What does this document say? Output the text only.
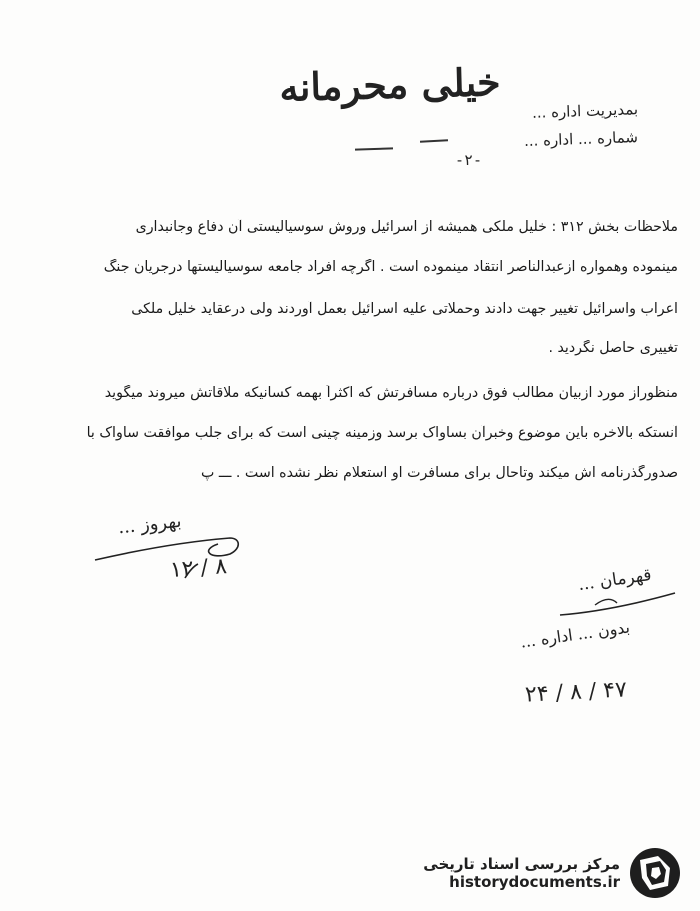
خیلی محرمانه
بمدیریت اداره ...
شماره ... اداره ...
-۲-
ملاحظات بخش ۳۱۲ : خلیل ملکی همیشه از اسرائیل وروش سوسیالیستی آن دفاع وجانبداری
مینموده وهمواره ازعبدالناصر انتقاد مینموده است . اگرچه افراد جامعه سوسیالیستها درجریان جنگ
اعراب واسرائیل تغییر جهت دادند وحملاتی علیه اسرائیل بعمل آوردند ولی درعقاید خلیل ملکی
تغییری حاصل نگردید .
منظوراز مورد ازبیان مطالب فوق درباره مسافرتش که اکثراً بهمه کسانیکه ملاقاتش میروند میگوید
آنستکه بالاخره باین موضوع وخبرآن بساواک برسد وزمینه چینی است که برای جلب موافقت ساواک با
صدورگذرنامه اش میکند وتاحال برای مسافرت او استعلام نظر نشده است . ـــ پ
بهروز ...
۱۲ / ۸	قهرمان ...
بدون ... اداره ...
۲۴ / ۸ / ۴۷
مرکز بررسی اسناد تاریخی
historydocuments.ir
